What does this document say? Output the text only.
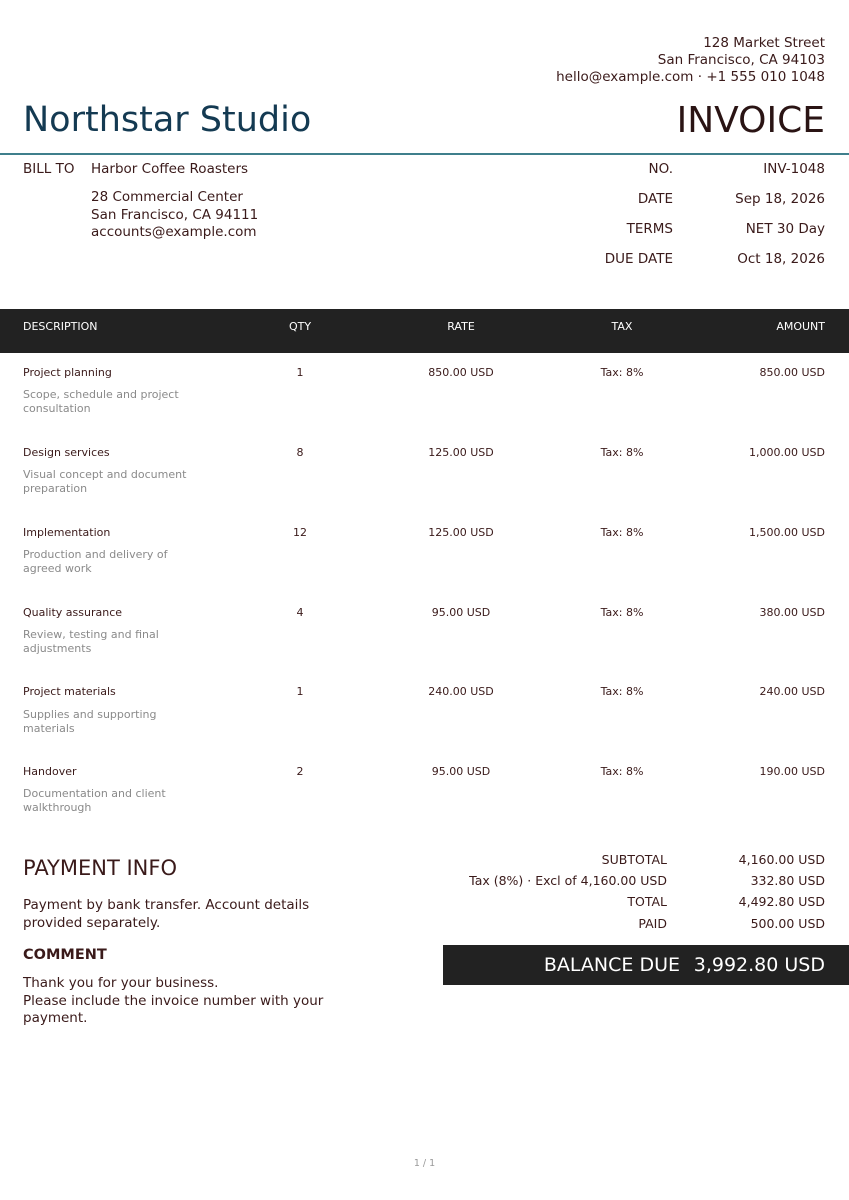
128 Market Street
San Francisco, CA 94103
hello@example.com · +1 555 010 1048
Northstar Studio	INVOICE
BILL TO Harbor Coffee Roasters
28 Commercial Center
San Francisco, CA 94111
accounts@example.com
NO.	INV-1048
DATE	Sep 18, 2026
TERMS	NET 30 Day
DUE DATE	Oct 18, 2026
DESCRIPTION	QTY	RATE	TAX	AMOUNT
Project planning
Scope, schedule and project consultation
1	850.00 USD	Tax: 8%	850.00 USD
Design services
Visual concept and document preparation
8	125.00 USD	Tax: 8%	1,000.00 USD
Implementation
Production and delivery of agreed work
12	125.00 USD	Tax: 8%	1,500.00 USD
Quality assurance
Review, testing and final adjustments
4	95.00 USD	Tax: 8%	380.00 USD
Project materials
Supplies and supporting materials
1	240.00 USD	Tax: 8%	240.00 USD
Handover
Documentation and client walkthrough
2	95.00 USD	Tax: 8%	190.00 USD
PAYMENT INFO
Payment by bank transfer. Account details provided separately.
COMMENT
Thank you for your business.
Please include the invoice number with your payment.
SUBTOTAL	4,160.00 USD
Tax (8%) · Excl of 4,160.00 USD	332.80 USD
TOTAL	4,492.80 USD
PAID	500.00 USD
BALANCE DUE 3,992.80 USD
1 / 1
